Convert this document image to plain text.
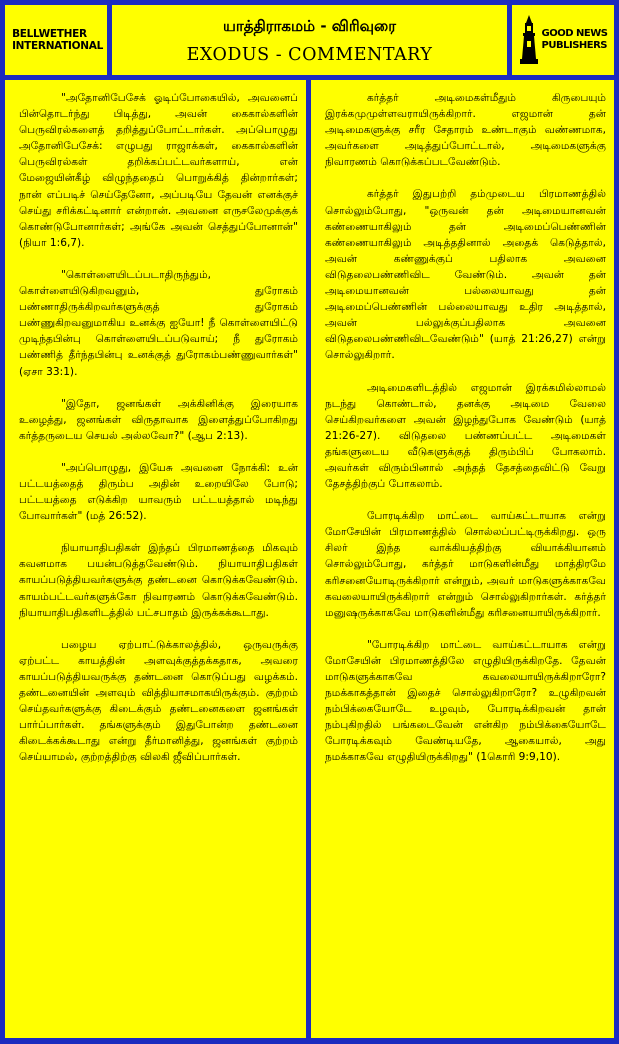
BELLWETHER
INTERNATIONAL
யாத்திராகமம் - விரிவுரை
EXODUS - COMMENTARY
GOOD NEWS
PUBLISHERS

"அதோனிபேசேக் ஓடிப்போகையில், அவனைப் பின்தொடர்ந்து பிடித்து, அவன் கைகால்களின் பெருவிரல்களைத் தறித்துப்போட்டார்கள். அப்பொழுது அதோனிபேசேக்: எழுபது ராஜாக்கள், கைகால்களின் பெருவிரல்கள் தறிக்கப்பட்டவர்களாய், என் மேஜையின்கீழ் விழுந்ததைப் பொறுக்கித் தின்றார்கள்; நான் எப்படிச் செய்தேனோ, அப்படியே தேவன் எனக்குச் செய்து சரிக்கட்டினார் என்றான். அவனை எருசலேமுக்குக் கொண்டுபோனார்கள்; அங்கே அவன் செத்துப்போனான்" (நியா 1:6,7).

"கொள்ளையிடப்படாதிருந்தும், கொள்ளையிடுகிறவனும், துரோகம் பண்ணாதிருக்கிறவர்களுக்குத் துரோகம் பண்ணுகிறவனுமாகிய உனக்கு ஐயோ! நீ கொள்ளையிட்டு முடிந்தபின்பு கொள்ளையிடப்படுவாய்; நீ துரோகம் பண்ணித் தீர்ந்தபின்பு உனக்குத் துரோகம்பண்ணுவார்கள்" (ஏசா 33:1).

"இதோ, ஜனங்கள் அக்கினிக்கு இரையாக உழைத்து, ஜனங்கள் விருதாவாக இளைத்துப்போகிறது கர்த்தருடைய செயல் அல்லவோ?" (ஆப 2:13).

"அப்பொழுது, இயேசு அவனை நோக்கி: உன் பட்டயத்தைத் திரும்ப அதின் உறையிலே போடு; பட்டயத்தை எடுக்கிற யாவரும் பட்டயத்தால் மடிந்து போவார்கள்" (மத் 26:52).

நியாயாதிபதிகள் இந்தப் பிரமாணத்தை மிகவும் கவனமாக பயன்படுத்தவேண்டும். நியாயாதிபதிகள் காயப்படுத்தியவர்களுக்கு தண்டனை கொடுக்கவேண்டும். காயம்பட்டவர்களுக்கோ நிவாரணம் கொடுக்கவேண்டும். நியாயாதிபதிகளிடத்தில் பட்சபாதம் இருக்கக்கூடாது.

பழைய ஏற்பாட்டுக்காலத்தில், ஒருவருக்கு ஏற்பட்ட காயத்தின் அளவுக்குத்தக்கதாக, அவரை காயப்படுத்தியவருக்கு தண்டனை கொடுப்பது வழக்கம். தண்டனையின் அளவும் வித்தியாசமாகயிருக்கும். குற்றம் செய்தவர்களுக்கு கிடைக்கும் தண்டனைகளை ஜனங்கள் பார்ப்பார்கள். தங்களுக்கும் இதுபோன்ற தண்டனை கிடைக்கக்கூடாது என்று தீர்மானித்து, ஜனங்கள் குற்றம் செய்யாமல், குற்றத்திற்கு விலகி ஜீவிப்பார்கள்.

கர்த்தர் அடிமைகள்மீதும் கிருபையும் இரக்கமுமுள்ளவராயிருக்கிறார். எஜமான் தன் அடிமைகளுக்கு சரீர சேதாரம் உண்டாகும் வண்ணமாக, அவர்களை அடித்துப்போட்டால், அடிமைகளுக்கு நிவாரணம் கொடுக்கப்படவேண்டும்.

கர்த்தர் இதுபற்றி தம்முடைய பிரமாணத்தில் சொல்லும்போது, "ஒருவன் தன் அடிமையானவன் கண்ணையாகிலும் தன் அடிமைப்பெண்ணின் கண்ணையாகிலும் அடித்ததினால் அதைக் கெடுத்தால், அவன் கண்ணுக்குப் பதிலாக அவனை விடுதலைபண்ணிவிட வேண்டும். அவன் தன் அடிமையானவன் பல்லையாவது தன் அடிமைப்பெண்ணின் பல்லையாவது உதிர அடித்தால், அவன் பல்லுக்குப்பதிலாக அவனை விடுதலைபண்ணிவிடவேண்டும்" (யாத் 21:26,27) என்று சொல்லுகிறார்.

அடிமைகளிடத்தில் எஜமான் இரக்கமில்லாமல் நடந்து கொண்டால், தனக்கு அடிமை வேலை செய்கிறவர்களை அவன் இழந்துபோக வேண்டும் (யாத் 21:26-27). விடுதலை பண்ணப்பட்ட அடிமைகள் தங்களுடைய வீடுகளுக்குத் திரும்பிப் போகலாம். அவர்கள் விரும்பினால் அந்தத் தேசத்தைவிட்டு வேறு தேசத்திற்குப் போகலாம்.

போரடிக்கிற மாட்டை வாய்கட்டாயாக என்று மோசேயின் பிரமாணத்தில் சொல்லப்பட்டிருக்கிறது. ஒரு சிலர் இந்த வாக்கியத்திற்கு வியாக்கியானம் சொல்லும்போது, கர்த்தர் மாடுகளின்மீது மாத்திரமே கரிசனையோடிருக்கிறார் என்றும், அவர் மாடுகளுக்காகவே கவலையாயிருக்கிறார் என்றும் சொல்லுகிறார்கள். கர்த்தர் மனுஷருக்காகவே மாடுகளின்மீது கரிசனையாயிருக்கிறார்.

"போரடிக்கிற மாட்டை வாய்கட்டாயாக என்று மோசேயின் பிரமாணத்திலே எழுதியிருக்கிறதே. தேவன் மாடுகளுக்காகவே கவலையாயிருக்கிறாரோ? நமக்காகத்தான் இதைச் சொல்லுகிறாரோ? உழுகிறவன் நம்பிக்கையோடே உழவும், போரடிக்கிறவன் தான் நம்புகிறதில் பங்கடைவேன் என்கிற நம்பிக்கையோடே போரடிக்கவும் வேண்டியதே, ஆகையால், அது நமக்காகவே எழுதியிருக்கிறது" (1கொரி 9:9,10).
